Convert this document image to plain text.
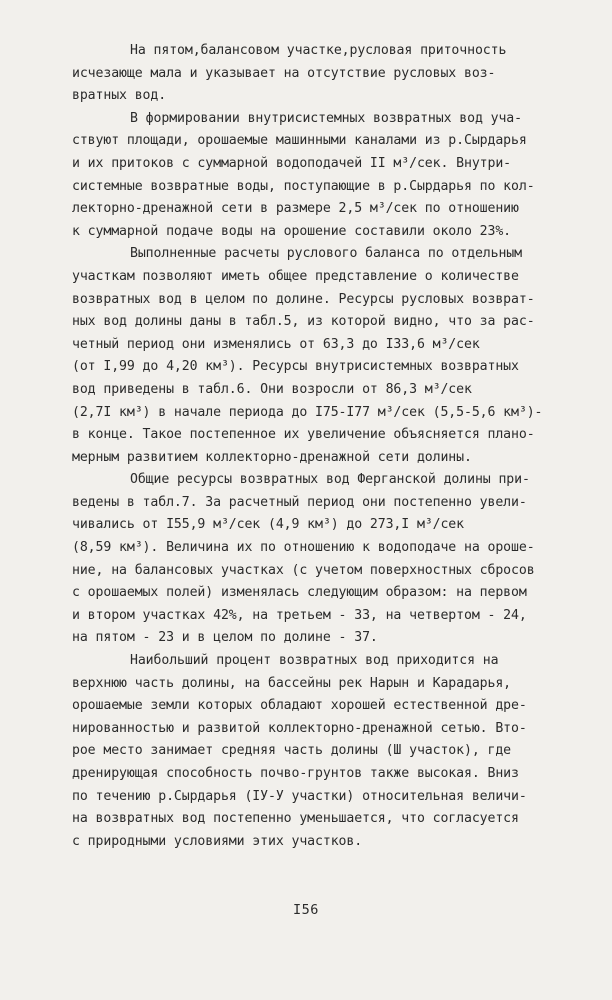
На пятом,балансовом участке,русловая приточность
исчезающе мала и указывает на отсутствие русловых воз-
вратных вод.

В формировании внутрисистемных возвратных вод уча-
ствуют площади, орошаемые машинными каналами из р.Сырдарья
и их притоков с суммарной водоподачей II м³/сек. Внутри-
системные возвратные воды, поступающие в р.Сырдарья по кол-
лекторно-дренажной сети в размере 2,5 м³/сек по отношению
к суммарной подаче воды на орошение составили около 23%.

Выполненные расчеты руслового баланса по отдельным
участкам позволяют иметь общее представление о количестве
возвратных вод в целом по долине. Ресурсы русловых возврат-
ных вод долины даны в табл.5, из которой видно, что за рас-
четный период они изменялись от 63,3 до I33,6 м³/сек
(от I,99 до 4,20 км³). Ресурсы внутрисистемных возвратных
вод приведены в табл.6. Они возросли от 86,3 м³/сек
(2,7I км³) в начале периода до I75-I77 м³/сек (5,5-5,6 км³)-
в конце. Такое постепенное их увеличение объясняется плано-
мерным развитием коллекторно-дренажной сети долины.

Общие ресурсы возвратных вод Ферганской долины при-
ведены в табл.7. За расчетный период они постепенно увели-
чивались от I55,9 м³/сек (4,9 км³) до 273,I м³/сек
(8,59 км³). Величина их по отношению к водоподаче на ороше-
ние, на балансовых участках (с учетом поверхностных сбросов
с орошаемых полей) изменялась следующим образом: на первом
и втором участках 42%, на третьем - 33, на четвертом - 24,
на пятом - 23 и в целом по долине - 37.

Наибольший процент возвратных вод приходится на
верхнюю часть долины, на бассейны рек Нарын и Карадарья,
орошаемые земли которых обладают хорошей естественной дре-
нированностью и развитой коллекторно-дренажной сетью. Вто-
рое место занимает средняя часть долины (Ш участок), где
дренирующая способность почво-грунтов также высокая. Вниз
по течению р.Сырдарья (IУ-У участки) относительная величи-
на возвратных вод постепенно уменьшается, что согласуется
с природными условиями этих участков.

I56
